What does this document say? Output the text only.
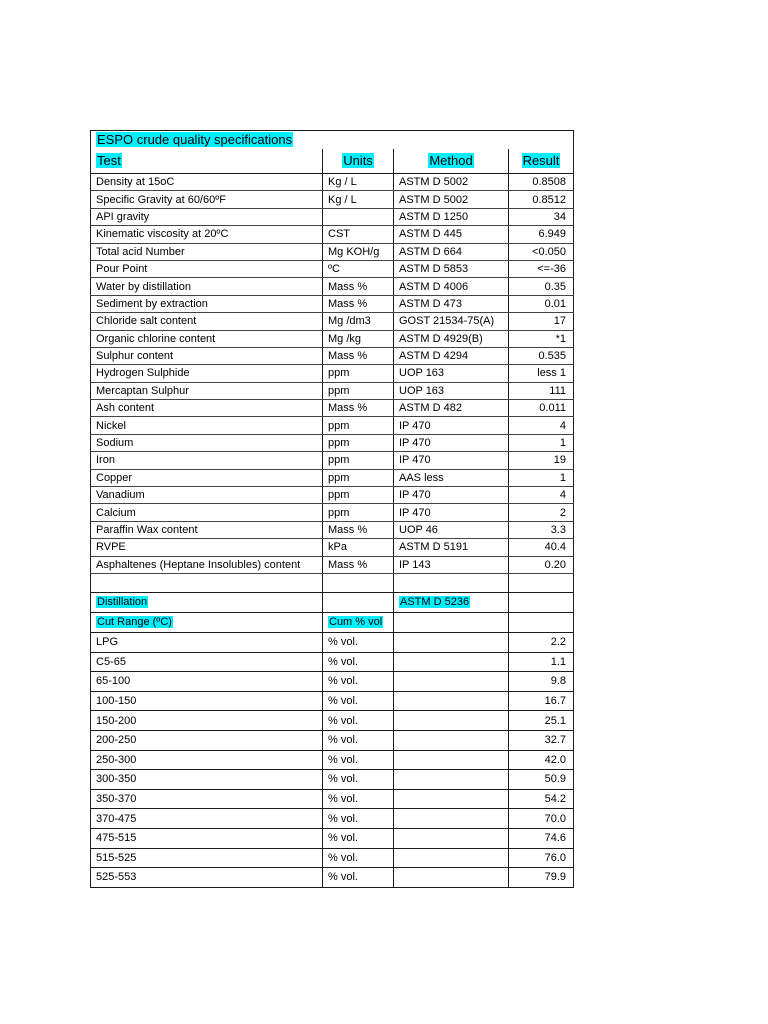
ESPO crude quality specifications			
Test	Units	Method	Result
Density at 15oC	Kg / L	ASTM D 5002	0.8508
Specific Gravity at 60/60ºF	Kg / L	ASTM D 5002	0.8512
API gravity		ASTM D 1250	34
Kinematic viscosity at 20ºC	CST	ASTM D 445	6.949
Total acid Number	Mg KOH/g	ASTM D 664	<0.050
Pour Point	ºC	ASTM D 5853	<=-36
Water by distillation	Mass %	ASTM D 4006	0.35
Sediment by extraction	Mass %	ASTM D 473	0.01
Chloride salt content	Mg /dm3	GOST 21534-75(A)	17
Organic chlorine content	Mg /kg	ASTM D 4929(B)	*1
Sulphur content	Mass %	ASTM D 4294	0.535
Hydrogen Sulphide	ppm	UOP 163	less 1
Mercaptan Sulphur	ppm	UOP 163	111
Ash content	Mass %	ASTM D 482	0.011
Nickel	ppm	IP 470	4
Sodium	ppm	IP 470	1
Iron	ppm	IP 470	19
Copper	ppm	AAS less	1
Vanadium	ppm	IP 470	4
Calcium	ppm	IP 470	2
Paraffin Wax content	Mass %	UOP 46	3.3
RVPE	kPa	ASTM D 5191	40.4
Asphaltenes (Heptane Insolubles) content	Mass %	IP 143	0.20

Distillation		ASTM D 5236	
Cut Range (ºC)	Cum % vol		
LPG	% vol.		2.2
C5-65	% vol.		1.1
65-100	% vol.		9.8
100-150	% vol.		16.7
150-200	% vol.		25.1
200-250	% vol.		32.7
250-300	% vol.		42.0
300-350	% vol.		50.9
350-370	% vol.		54.2
370-475	% vol.		70.0
475-515	% vol.		74.6
515-525	% vol.		76.0
525-553	% vol.		79.9
